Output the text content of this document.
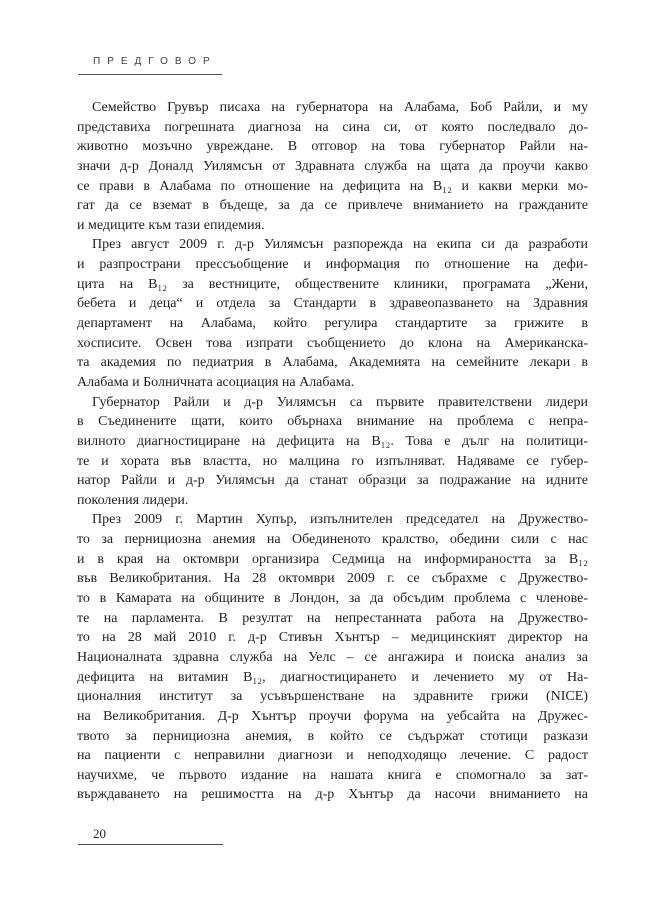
ПРЕДГОВОР
Семейство Грувър писаха на губернатора на Алабама, Боб Райли, и му
представиха погрешната диагноза на сина си, от която последвало до-
животно мозъчно увреждане. В отговор на това губернатор Райли на-
значи д-р Доналд Уилямсън от Здравната служба на щата да проучи какво
се прави в Алабама по отношение на дефицита на B₁₂ и какви мерки мо-
гат да се вземат в бъдеще, за да се привлече вниманието на гражданите
и медиците към тази епидемия.
През август 2009 г. д-р Уилямсън разпорежда на екипа си да разработи
и разпространи прессъобщение и информация по отношение на дефи-
цита на B₁₂ за вестниците, обществените клиники, програмата „Жени,
бебета и деца“ и отдела за Стандарти в здравеопазването на Здравния
департамент на Алабама, който регулира стандартите за грижите в
хосписите. Освен това изпрати съобщението до клона на Американска-
та академия по педиатрия в Алабама, Академията на семейните лекари в
Алабама и Болничната асоциация на Алабама.
Губернатор Райли и д-р Уилямсън са първите правителствени лидери
в Съединените щати, които обърнаха внимание на проблема с непра-
вилното диагностициране на дефицита на B₁₂. Това е дълг на политици-
те и хората във властта, но малцина го изпълняват. Надяваме се губер-
натор Райли и д-р Уилямсън да станат образци за подражание на идните
поколения лидери.
През 2009 г. Мартин Хупър, изпълнителен председател на Дружество-
то за пернициозна анемия на Обединеното кралство, обедини сили с нас
и в края на октомври организира Седмица на информираността за B₁₂
във Великобритания. На 28 октомври 2009 г. се събрахме с Дружество-
то в Камарата на общините в Лондон, за да обсъдим проблема с членове-
те на парламента. В резултат на непрестанната работа на Дружество-
то на 28 май 2010 г. д-р Стивън Хънтър – медицинският директор на
Националната здравна служба на Уелс – се ангажира и поиска анализ за
дефицита на витамин B₁₂, диагностицирането и лечението му от На-
ционалния институт за усъвършенстване на здравните грижи (NICE)
на Великобритания. Д-р Хънтър проучи форума на уебсайта на Дружес-
твото за пернициозна анемия, в който се съдържат стотици разкази
на пациенти с неправилни диагнози и неподходящо лечение. С радост
научихме, че първото издание на нашата книга е спомогнало за зат-
върждаването на решимостта на д-р Хънтър да насочи вниманието на
20
